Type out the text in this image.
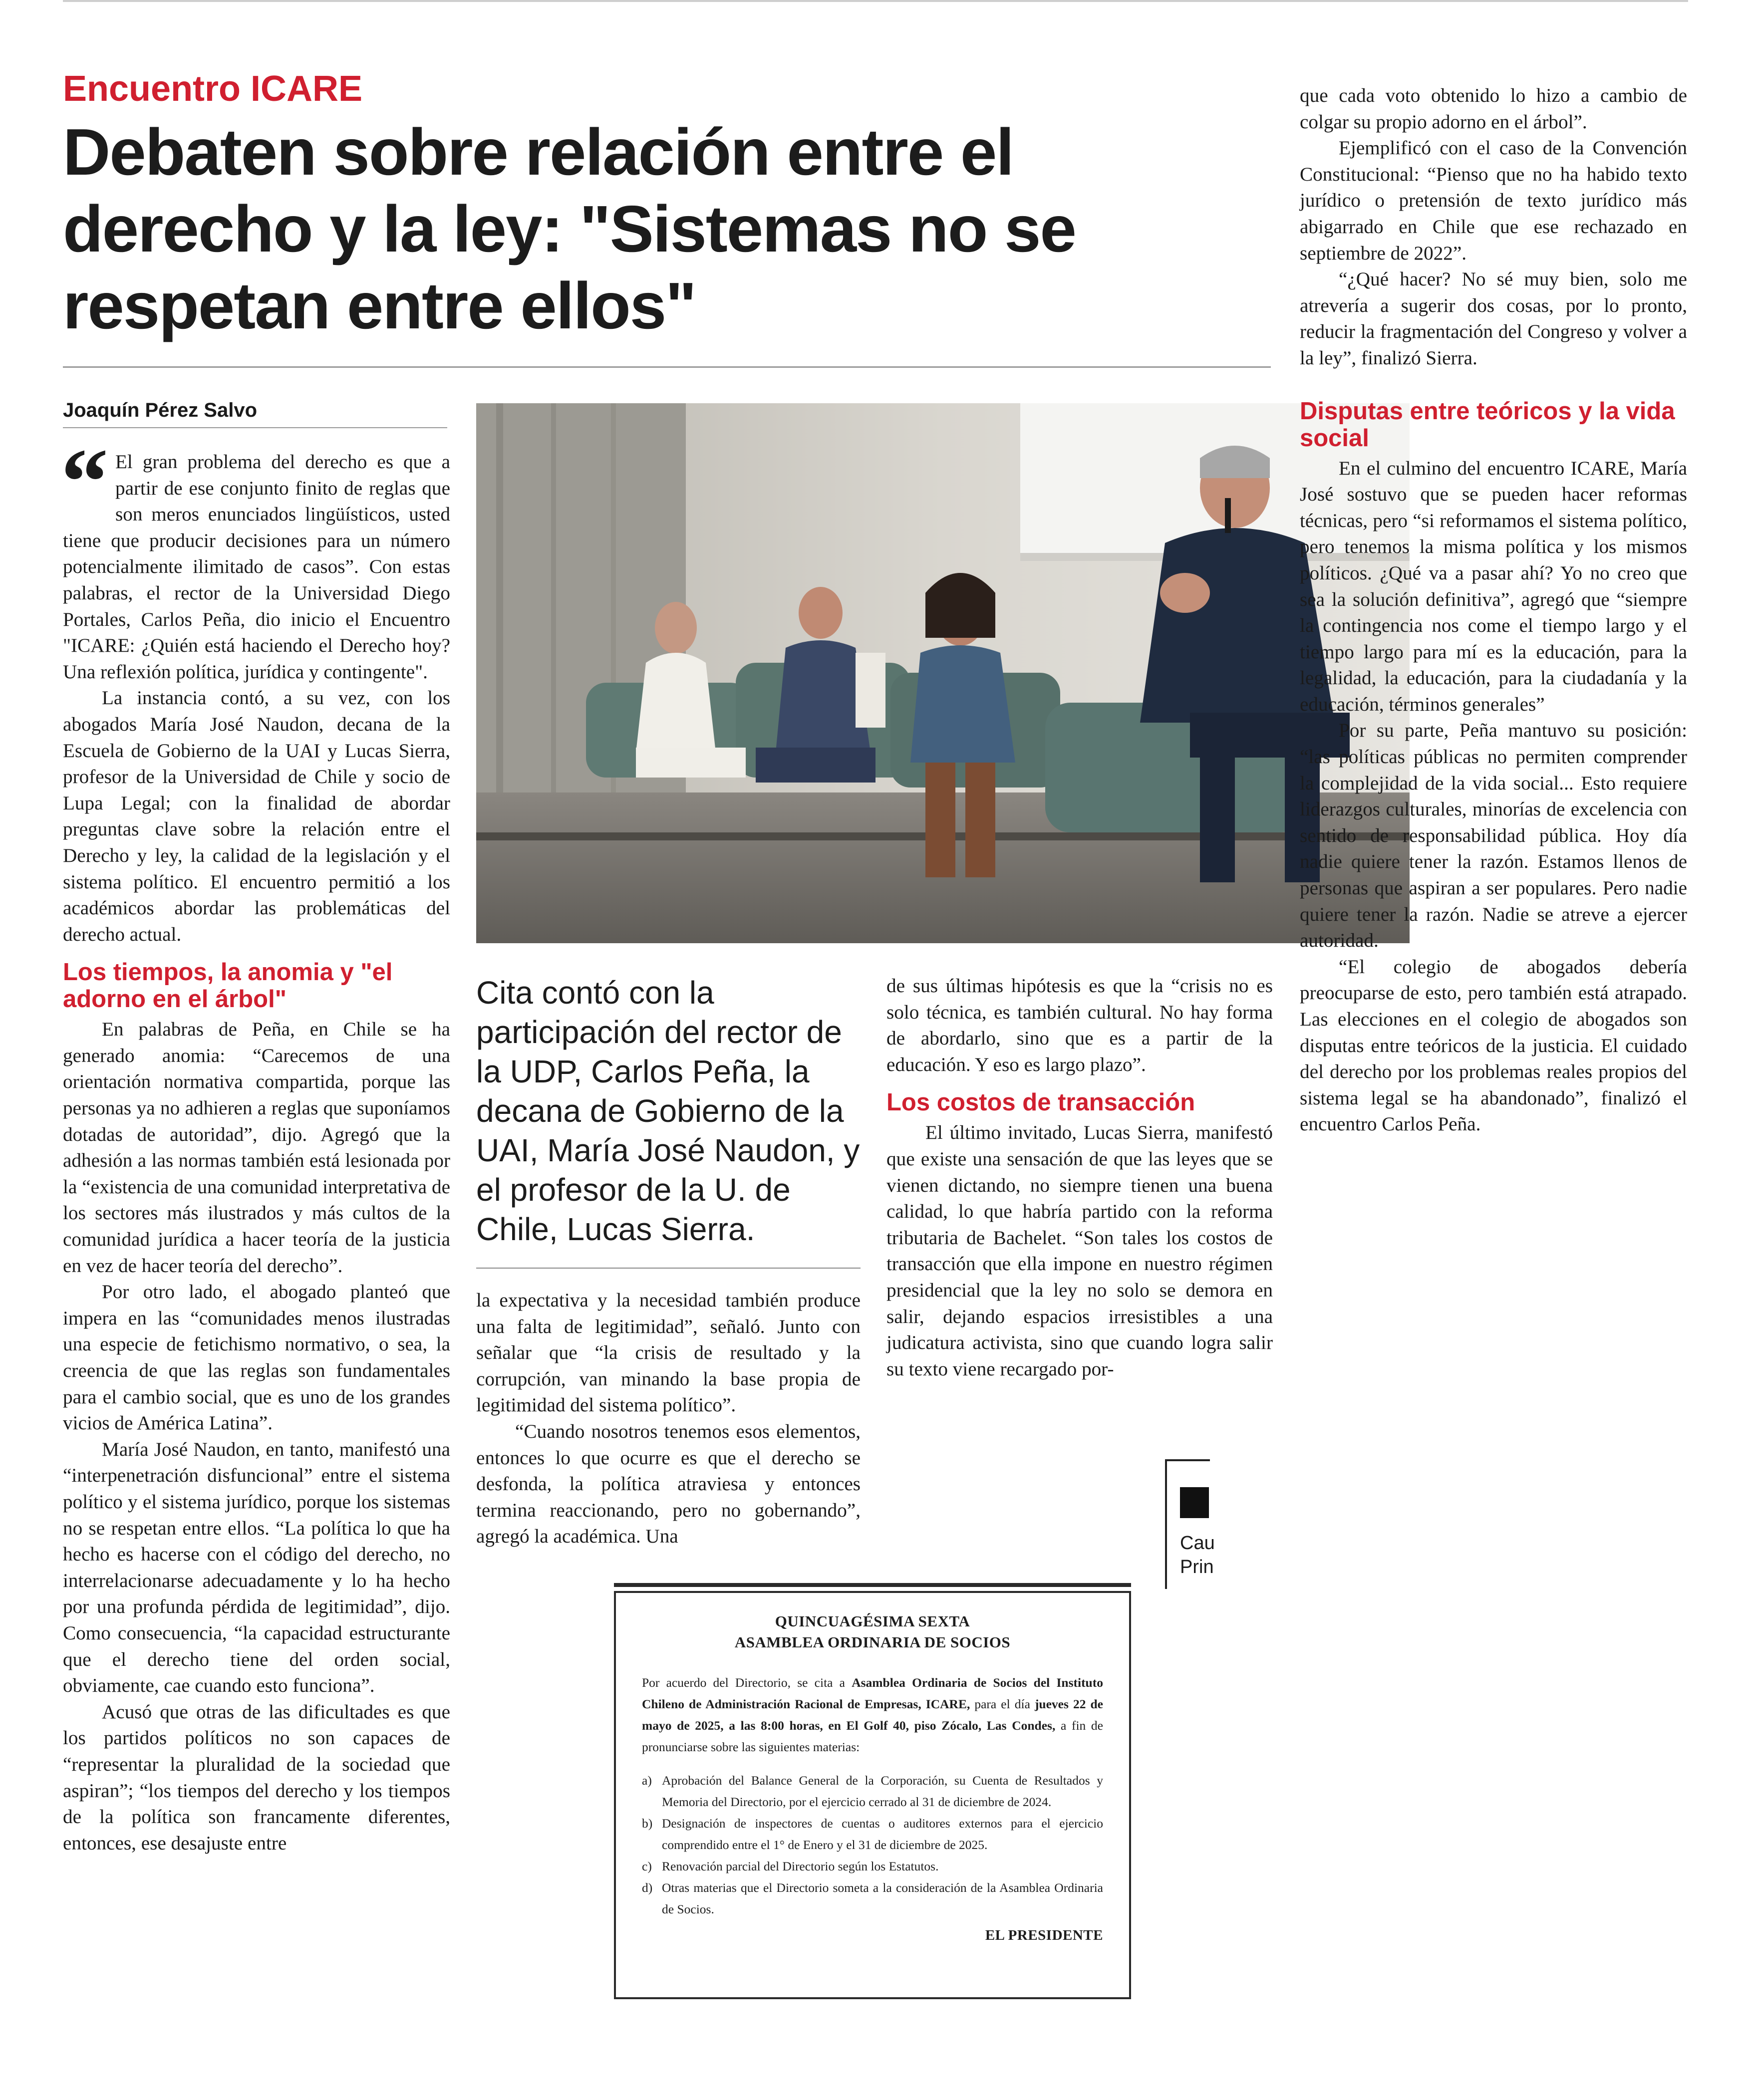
Encuentro ICARE
Debaten sobre relación entre el derecho y la ley: "Sistemas no se respetan entre ellos"
Joaquín Pérez Salvo

“ El gran problema del derecho es que a partir de ese conjunto finito de reglas que son meros enunciados lingüísticos, usted tiene que producir decisiones para un número potencialmente ilimitado de casos”. Con estas palabras, el rector de la Universidad Diego Portales, Carlos Peña, dio inicio el Encuentro "ICARE: ¿Quién está haciendo el Derecho hoy? Una reflexión política, jurídica y contingente".

La instancia contó, a su vez, con los abogados María José Naudon, decana de la Escuela de Gobierno de la UAI y Lucas Sierra, profesor de la Universidad de Chile y socio de Lupa Legal; con la finalidad de abordar preguntas clave sobre la relación entre el Derecho y ley, la calidad de la legislación y el sistema político. El encuentro permitió a los académicos abordar las problemáticas del derecho actual.

Los tiempos, la anomia y "el adorno en el árbol"

En palabras de Peña, en Chile se ha generado anomia: “Carecemos de una orientación normativa compartida, porque las personas ya no adhieren a reglas que suponíamos dotadas de autoridad”, dijo. Agregó que la adhesión a las normas también está lesionada por la “existencia de una comunidad interpretativa de los sectores más ilustrados y más cultos de la comunidad jurídica a hacer teoría de la justicia en vez de hacer teoría del derecho”.

Por otro lado, el abogado planteó que impera en las “comunidades menos ilustradas una especie de fetichismo normativo, o sea, la creencia de que las reglas son fundamentales para el cambio social, que es uno de los grandes vicios de América Latina”.

María José Naudon, en tanto, manifestó una “interpenetración disfuncional” entre el sistema político y el sistema jurídico, porque los sistemas no se respetan entre ellos. “La política lo que ha hecho es hacerse con el código del derecho, no interrelacionarse adecuadamente y lo ha hecho por una profunda pérdida de legitimidad”, dijo. Como consecuencia, “la capacidad estructurante que el derecho tiene del orden social, obviamente, cae cuando esto funciona”.

Acusó que otras de las dificultades es que los partidos políticos no son capaces de “representar la pluralidad de la sociedad que aspiran”; “los tiempos del derecho y los tiempos de la política son francamente diferentes, entonces, ese desajuste entre

Cita contó con la participación del rector de la UDP, Carlos Peña, la decana de Gobierno de la UAI, María José Naudon, y el profesor de la U. de Chile, Lucas Sierra.

la expectativa y la necesidad también produce una falta de legitimidad”, señaló. Junto con señalar que “la crisis de resultado y la corrupción, van minando la base propia de legitimidad del sistema político”.

“Cuando nosotros tenemos esos elementos, entonces lo que ocurre es que el derecho se desfonda, la política atraviesa y entonces termina reaccionando, pero no gobernando”, agregó la académica. Una

de sus últimas hipótesis es que la “crisis no es solo técnica, es también cultural. No hay forma de abordarlo, sino que es a partir de la educación. Y eso es largo plazo”.

Los costos de transacción

El último invitado, Lucas Sierra, manifestó que existe una sensación de que las leyes que se vienen dictando, no siempre tienen una buena calidad, lo que habría partido con la reforma tributaria de Bachelet. “Son tales los costos de transacción que ella impone en nuestro régimen presidencial que la ley no solo se demora en salir, dejando espacios irresistibles a una judicatura activista, sino que cuando logra salir su texto viene recargado por-

que cada voto obtenido lo hizo a cambio de colgar su propio adorno en el árbol”.

Ejemplificó con el caso de la Convención Constitucional: “Pienso que no ha habido texto jurídico o pretensión de texto jurídico más abigarrado en Chile que ese rechazado en septiembre de 2022”.

“¿Qué hacer? No sé muy bien, solo me atrevería a sugerir dos cosas, por lo pronto, reducir la fragmentación del Congreso y volver a la ley”, finalizó Sierra.

Disputas entre teóricos y la vida social

En el culmino del encuentro ICARE, María José sostuvo que se pueden hacer reformas técnicas, pero “si reformamos el sistema político, pero tenemos la misma política y los mismos políticos. ¿Qué va a pasar ahí? Yo no creo que sea la solución definitiva”, agregó que “siempre la contingencia nos come el tiempo largo y el tiempo largo para mí es la educación, para la legalidad, la educación, para la ciudadanía y la educación, términos generales”

Por su parte, Peña mantuvo su posición: “las políticas públicas no permiten comprender la complejidad de la vida social... Esto requiere liderazgos culturales, minorías de excelencia con sentido de responsabilidad pública. Hoy día nadie quiere tener la razón. Estamos llenos de personas que aspiran a ser populares. Pero nadie quiere tener la razón. Nadie se atreve a ejercer autoridad.

“El colegio de abogados debería preocuparse de esto, pero también está atrapado. Las elecciones en el colegio de abogados son disputas entre teóricos de la justicia. El cuidado del derecho por los problemas reales propios del sistema legal se ha abandonado”, finalizó el encuentro Carlos Peña.

Cau
Prin
QUINCUAGÉSIMA SEXTA
ASAMBLEA ORDINARIA DE SOCIOS
Por acuerdo del Directorio, se cita a Asamblea Ordinaria de Socios del Instituto Chileno de Administración Racional de Empresas, ICARE, para el día jueves 22 de mayo de 2025, a las 8:00 horas, en El Golf 40, piso Zócalo, Las Condes, a fin de pronunciarse sobre las siguientes materias:
a) Aprobación del Balance General de la Corporación, su Cuenta de Resultados y Memoria del Directorio, por el ejercicio cerrado al 31 de diciembre de 2024.
b) Designación de inspectores de cuentas o auditores externos para el ejercicio comprendido entre el 1° de Enero y el 31 de diciembre de 2025.
c) Renovación parcial del Directorio según los Estatutos.
d) Otras materias que el Directorio someta a la consideración de la Asamblea Ordinaria de Socios.
EL PRESIDENTE
